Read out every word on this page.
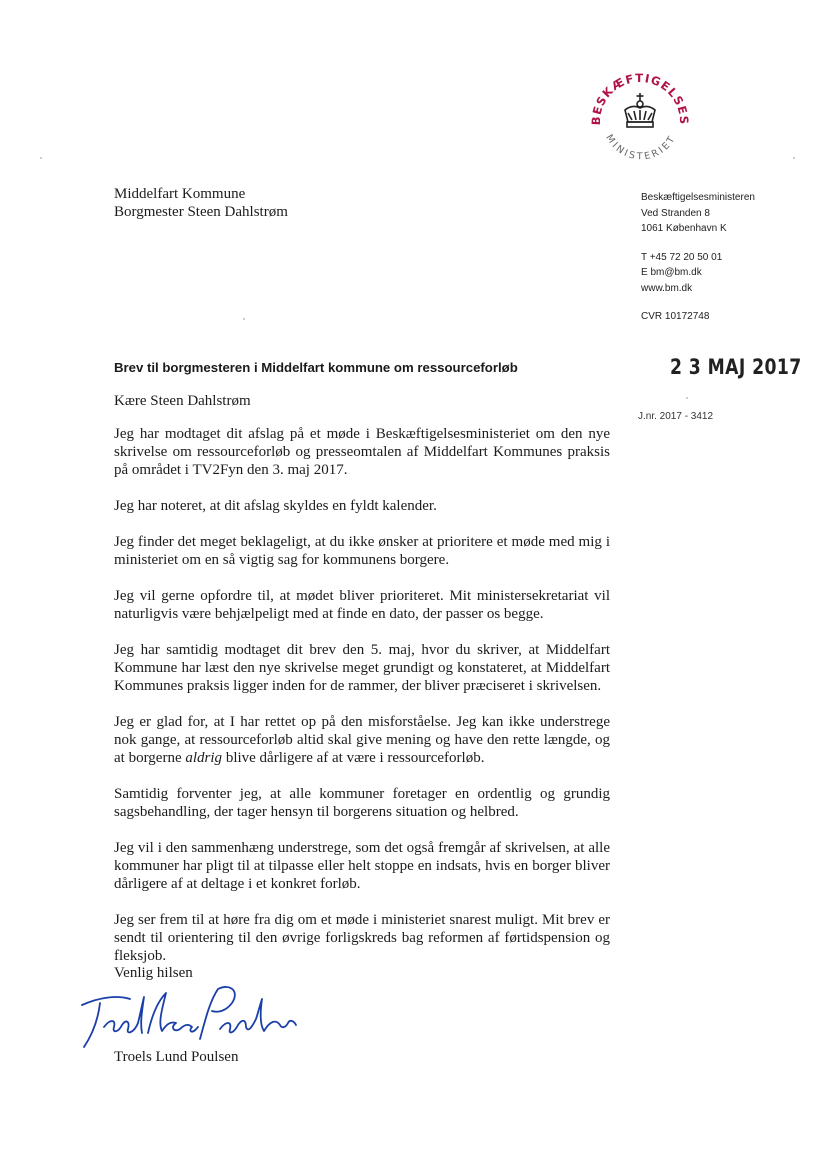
BESKÆFTIGELSES
MINISTERIET
Middelfart Kommune
Borgmester Steen Dahlstrøm
Beskæftigelsesministeren
Ved Stranden 8
1061 København K
T +45 72 20 50 01
E bm@bm.dk
www.bm.dk
CVR 10172748
Brev til borgmesteren i Middelfart kommune om ressourceforløb	2 3 MAJ 2017
Kære Steen Dahlstrøm
J.nr. 2017 - 3412

Jeg har modtaget dit afslag på et møde i Beskæftigelsesministeriet om den nye skrivelse om ressourceforløb og presseomtalen af Middelfart Kommunes praksis på området i TV2Fyn den 3. maj 2017.

Jeg har noteret, at dit afslag skyldes en fyldt kalender.

Jeg finder det meget beklageligt, at du ikke ønsker at prioritere et møde med mig i ministeriet om en så vigtig sag for kommunens borgere.

Jeg vil gerne opfordre til, at mødet bliver prioriteret. Mit ministersekretariat vil naturligvis være behjælpeligt med at finde en dato, der passer os begge.

Jeg har samtidig modtaget dit brev den 5. maj, hvor du skriver, at Middelfart Kommune har læst den nye skrivelse meget grundigt og konstateret, at Middelfart Kommunes praksis ligger inden for de rammer, der bliver præciseret i skrivelsen.

Jeg er glad for, at I har rettet op på den misforståelse. Jeg kan ikke understrege nok gange, at ressourceforløb altid skal give mening og have den rette længde, og at borgerne aldrig blive dårligere af at være i ressourceforløb.

Samtidig forventer jeg, at alle kommuner foretager en ordentlig og grundig sagsbehandling, der tager hensyn til borgerens situation og helbred.

Jeg vil i den sammenhæng understrege, som det også fremgår af skrivelsen, at alle kommuner har pligt til at tilpasse eller helt stoppe en indsats, hvis en borger bliver dårligere af at deltage i et konkret forløb.

Jeg ser frem til at høre fra dig om et møde i ministeriet snarest muligt. Mit brev er sendt til orientering til den øvrige forligskreds bag reformen af førtidspension og fleksjob.

Venlig hilsen
Troels Lund Poulsen
